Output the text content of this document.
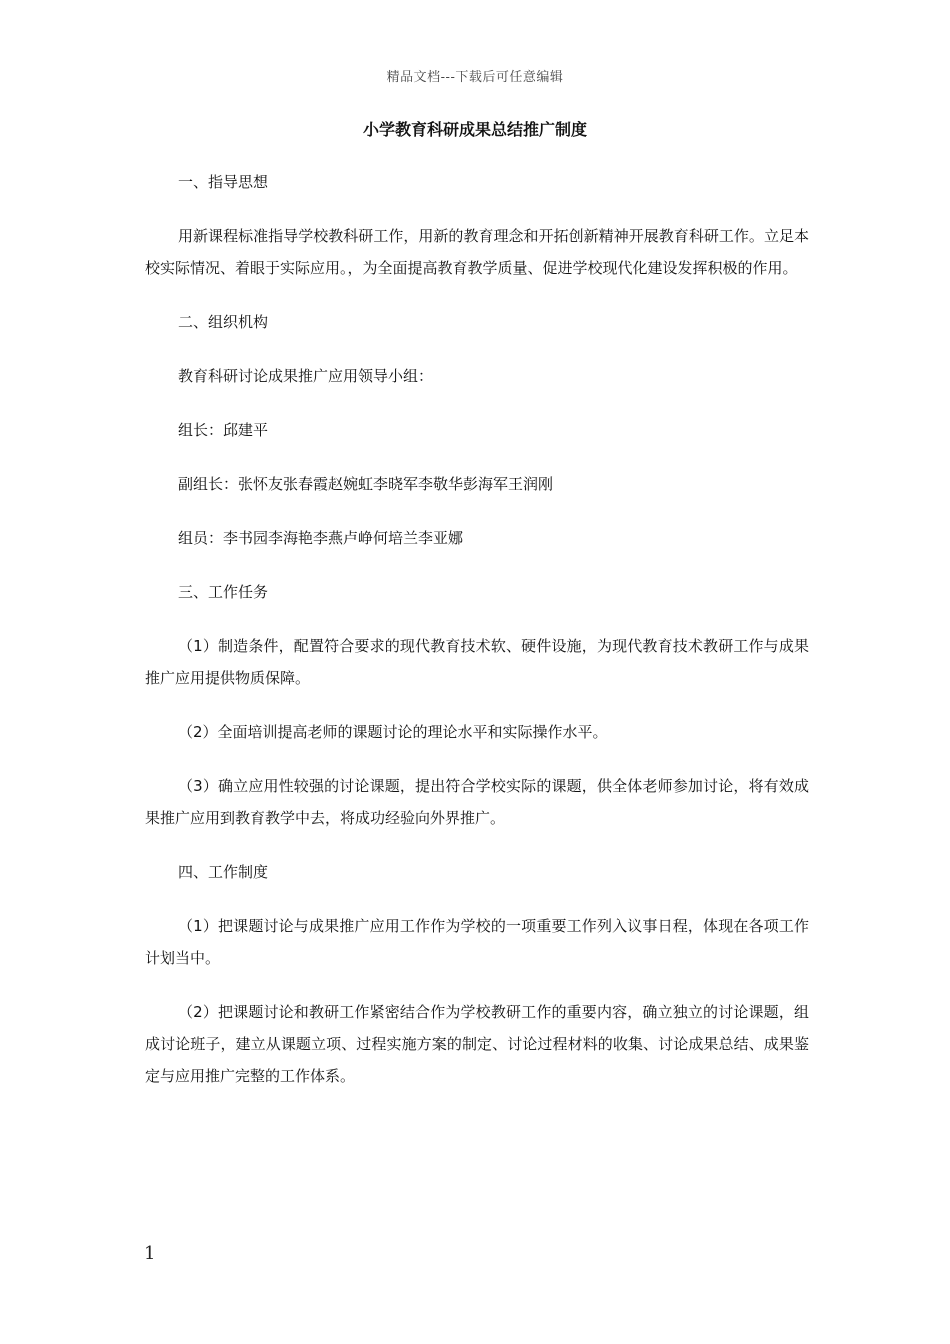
精品文档---下载后可任意编辑
小学教育科研成果总结推广制度
一、指导思想
用新课程标准指导学校教科研工作，用新的教育理念和开拓创新精神开展教育科研工作。立足本校实际情况、着眼于实际应用。，为全面提高教育教学质量、促进学校现代化建设发挥积极的作用。
二、组织机构
教育科研讨论成果推广应用领导小组：
组长：邱建平
副组长：张怀友张春霞赵婉虹李晓军李敬华彭海军王润刚
组员：李书园李海艳李燕卢峥何培兰李亚娜
三、工作任务
（1）制造条件，配置符合要求的现代教育技术软、硬件设施，为现代教育技术教研工作与成果推广应用提供物质保障。
（2）全面培训提高老师的课题讨论的理论水平和实际操作水平。
（3）确立应用性较强的讨论课题，提出符合学校实际的课题，供全体老师参加讨论，将有效成果推广应用到教育教学中去，将成功经验向外界推广。
四、工作制度
（1）把课题讨论与成果推广应用工作作为学校的一项重要工作列入议事日程，体现在各项工作计划当中。
（2）把课题讨论和教研工作紧密结合作为学校教研工作的重要内容，确立独立的讨论课题，组成讨论班子，建立从课题立项、过程实施方案的制定、讨论过程材料的收集、讨论成果总结、成果鉴定与应用推广完整的工作体系。
1
